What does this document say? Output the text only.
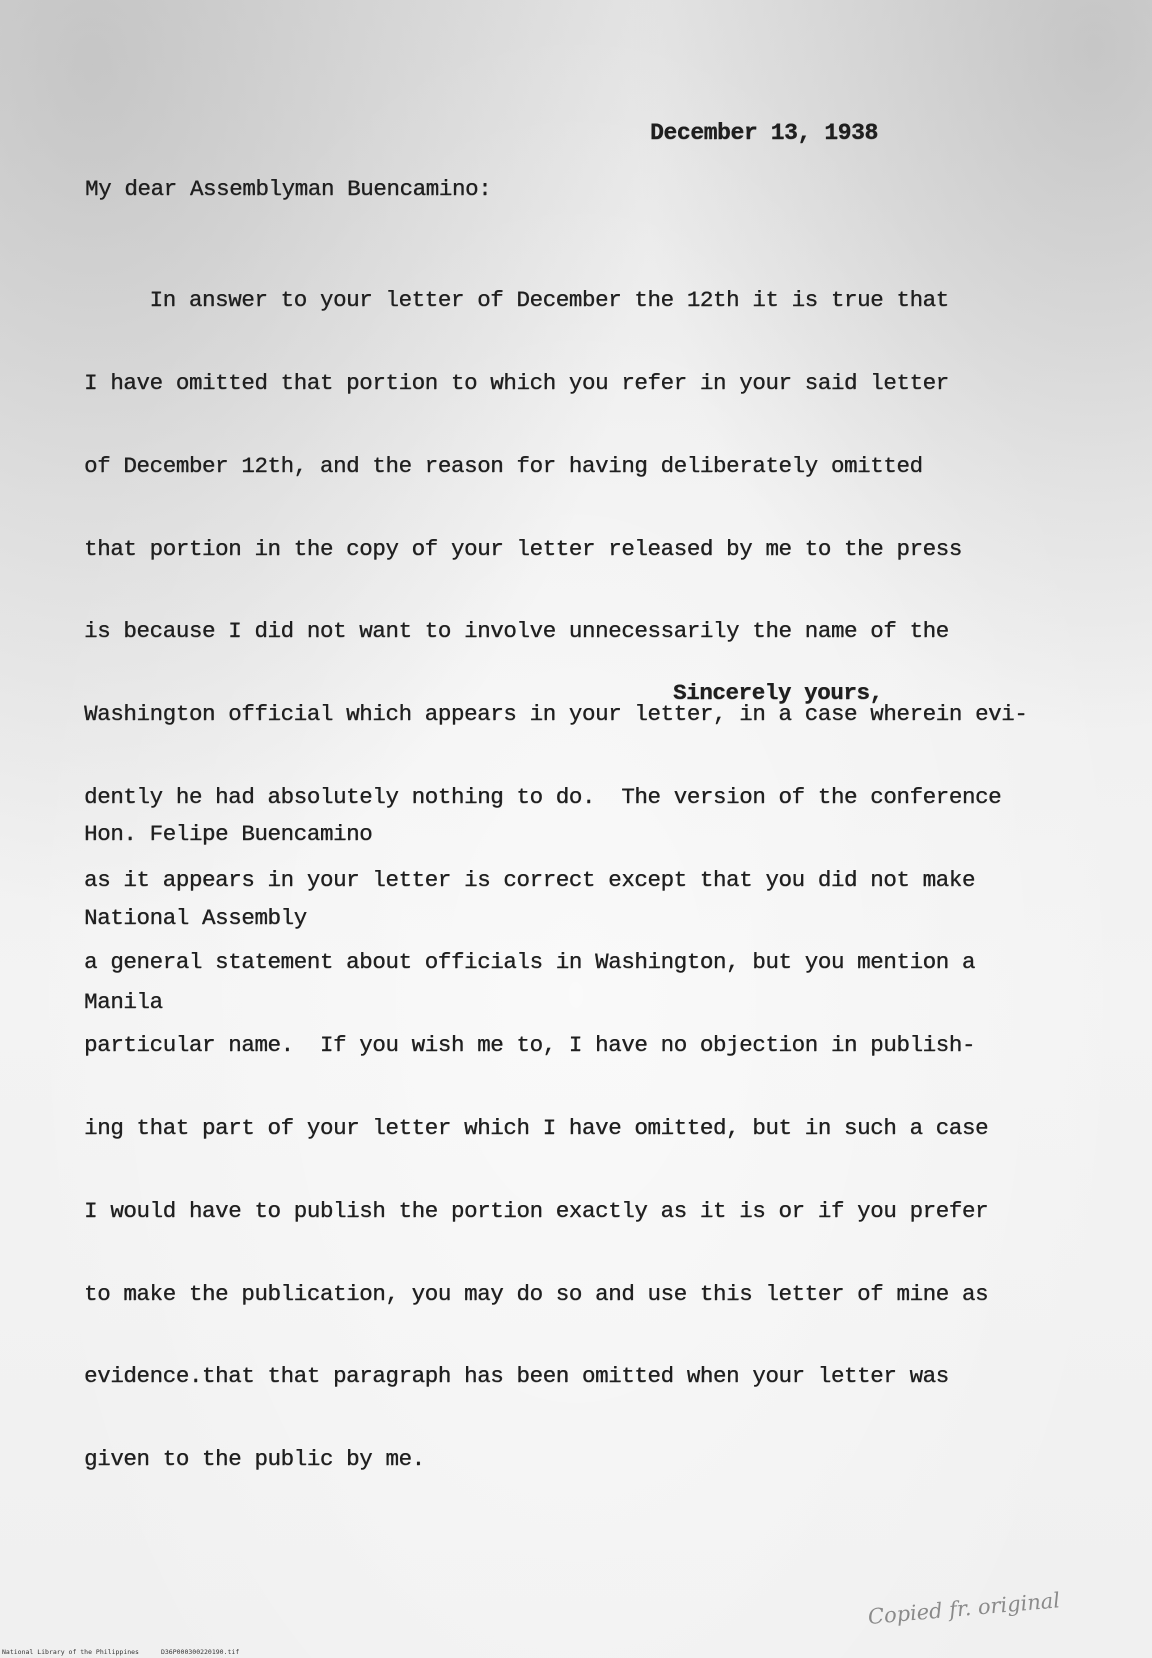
December 13, 1938

My dear Assemblyman Buencamino:

In answer to your letter of December the 12th it is true that

I have omitted that portion to which you refer in your said letter

of December 12th, and the reason for having deliberately omitted

that portion in the copy of your letter released by me to the press

is because I did not want to involve unnecessarily the name of the

Washington official which appears in your letter, in a case wherein evi-

dently he had absolutely nothing to do.  The version of the conference

as it appears in your letter is correct except that you did not make

a general statement about officials in Washington, but you mention a

particular name.  If you wish me to, I have no objection in publish-

ing that part of your letter which I have omitted, but in such a case

I would have to publish the portion exactly as it is or if you prefer

to make the publication, you may do so and use this letter of mine as

evidence.that that paragraph has been omitted when your letter was

given to the public by me.

Sincerely yours,

Hon. Felipe Buencamino

National Assembly

Manila

Copied fr. original

National Library of the Philippines	D36P000300220190.tif
